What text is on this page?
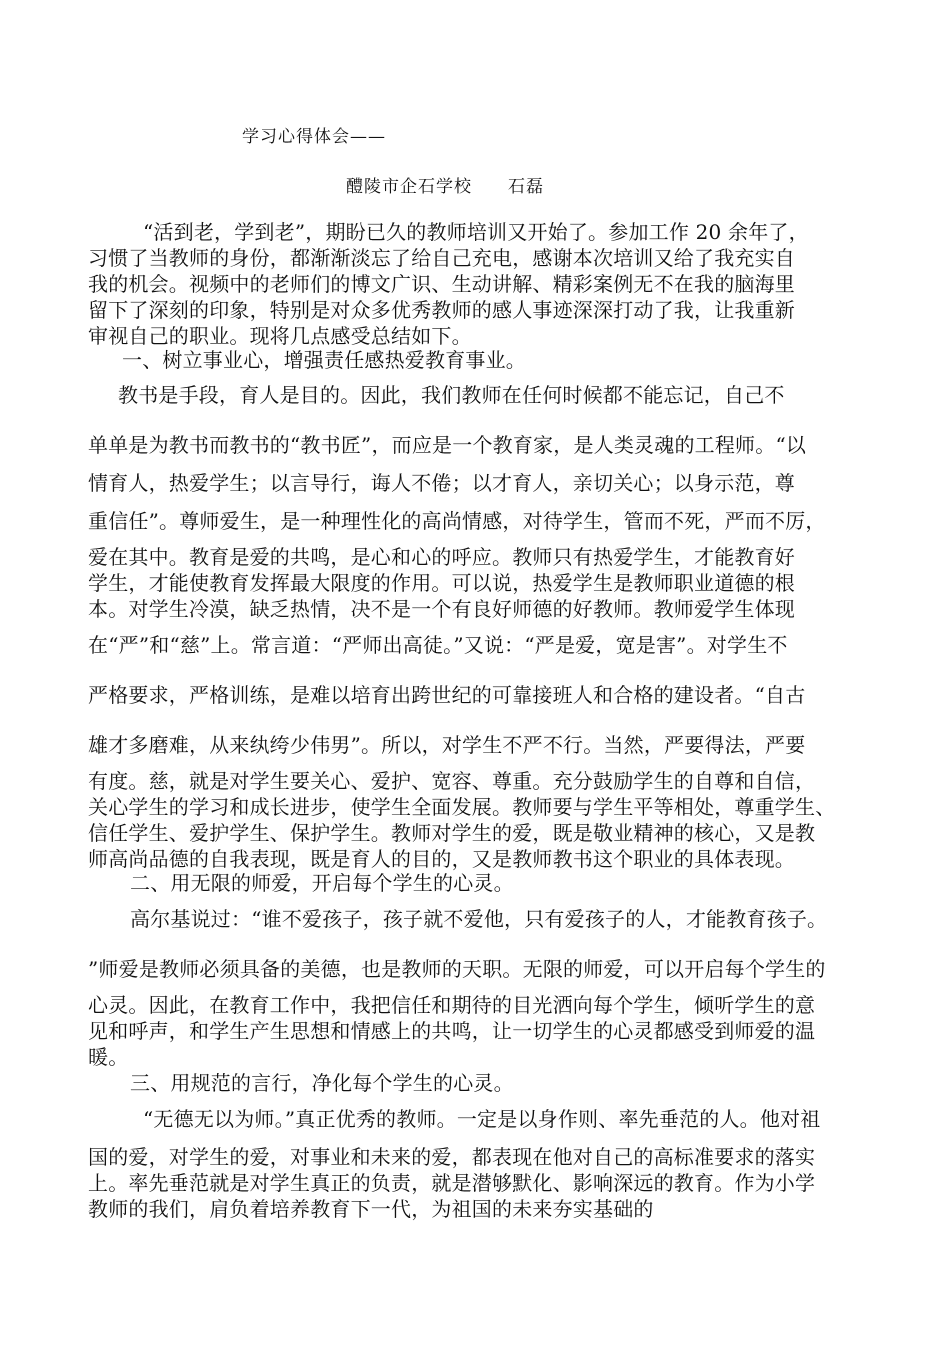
学习心得体会——

醴陵市企石学校　　石磊

“活到老，学到老”，期盼已久的教师培训又开始了。参加工作 20 余年了，

习惯了当教师的身份，都渐渐淡忘了给自己充电，感谢本次培训又给了我充实自

我的机会。视频中的老师们的博文广识、生动讲解、精彩案例无不在我的脑海里

留下了深刻的印象，特别是对众多优秀教师的感人事迹深深打动了我，让我重新

审视自己的职业。现将几点感受总结如下。

一、树立事业心，增强责任感热爱教育事业。

教书是手段，育人是目的。因此，我们教师在任何时候都不能忘记，自己不

单单是为教书而教书的“教书匠”，而应是一个教育家，是人类灵魂的工程师。“以

情育人，热爱学生；以言导行，诲人不倦；以才育人，亲切关心；以身示范，尊

重信任”。尊师爱生，是一种理性化的高尚情感，对待学生，管而不死，严而不厉，

爱在其中。教育是爱的共鸣，是心和心的呼应。教师只有热爱学生，才能教育好

学生，才能使教育发挥最大限度的作用。可以说，热爱学生是教师职业道德的根

本。对学生冷漠，缺乏热情，决不是一个有良好师德的好教师。教师爱学生体现

在“严”和“慈”上。常言道：“严师出高徒。”又说：“严是爱，宽是害”。对学生不

严格要求，严格训练，是难以培育出跨世纪的可靠接班人和合格的建设者。“自古

雄才多磨难，从来纨绔少伟男”。所以，对学生不严不行。当然，严要得法，严要

有度。慈，就是对学生要关心、爱护、宽容、尊重。充分鼓励学生的自尊和自信，

关心学生的学习和成长进步，使学生全面发展。教师要与学生平等相处，尊重学生、

信任学生、爱护学生、保护学生。教师对学生的爱，既是敬业精神的核心，又是教

师高尚品德的自我表现，既是育人的目的，又是教师教书这个职业的具体表现。

二、用无限的师爱，开启每个学生的心灵。

高尔基说过：“谁不爱孩子，孩子就不爱他，只有爱孩子的人，才能教育孩子。

”师爱是教师必须具备的美德，也是教师的天职。无限的师爱，可以开启每个学生的

心灵。因此，在教育工作中，我把信任和期待的目光洒向每个学生，倾听学生的意

见和呼声，和学生产生思想和情感上的共鸣，让一切学生的心灵都感受到师爱的温

暖。

三、用规范的言行，净化每个学生的心灵。

“无德无以为师。”真正优秀的教师。一定是以身作则、率先垂范的人。他对祖

国的爱，对学生的爱，对事业和未来的爱，都表现在他对自己的高标准要求的落实

上。率先垂范就是对学生真正的负责，就是潜够默化、影响深远的教育。作为小学

教师的我们，肩负着培养教育下一代，为祖国的未来夯实基础的
